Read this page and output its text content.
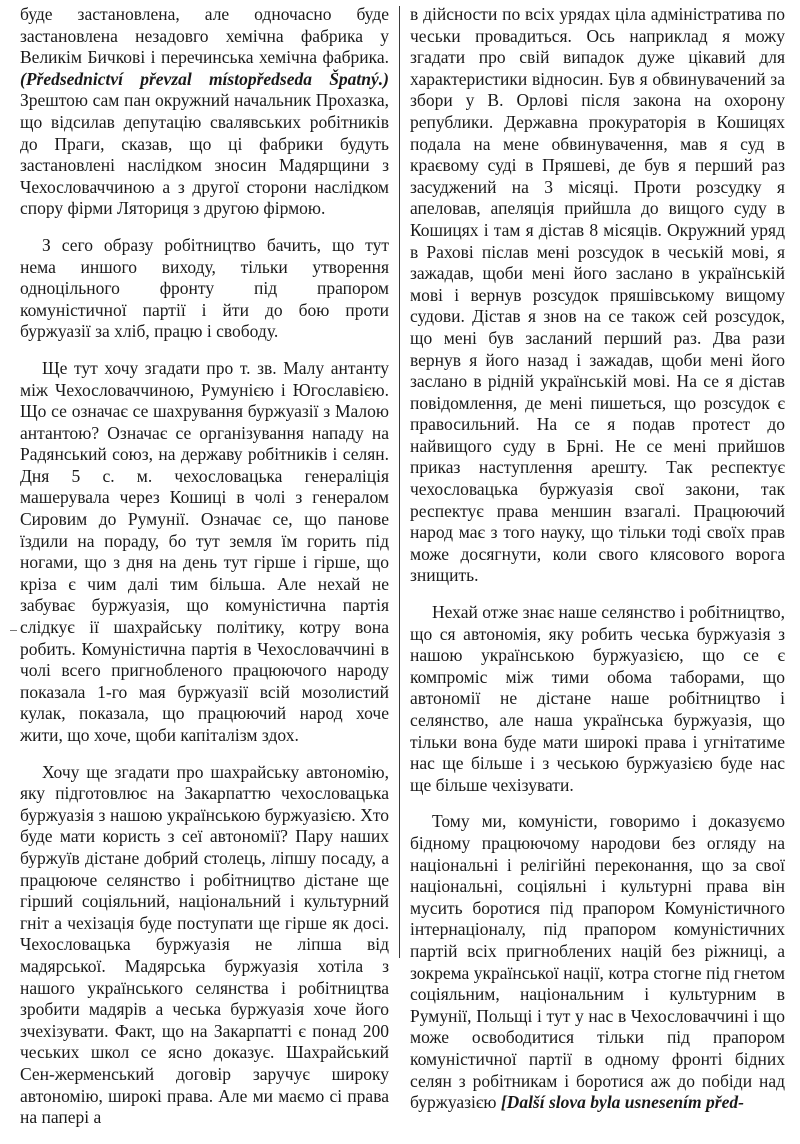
буде застановлена, але одночасно буде застановлена незадовго хемічна фабрика у Великім Бичкові і перечинська хемічна фабрика. (Předsednictví převzal místopředseda Špatný.) Зрештою сам пан окружний начальник Прохазка, що відсилав депутацію свалявських робітників до Праги, сказав, що ці фабрики будуть застановлені наслідком зносин Мадярщини з Чехословаччиною а з другої сторони наслідком спору фірми Ляториця з другою фірмою.

З сего образу робітництво бачить, що тут нема иншого виходу, тільки утворення одноцільного фронту під прапором комуністичної партії і йти до бою проти буржуазії за хліб, працю і свободу.

Ще тут хочу згадати про т. зв. Малу антанту між Чехословаччиною, Румунією і Югославією. Що се означає се шахрування буржуазії з Малою антантою? Означає се організування нападу на Радянський союз, на державу робітників і селян. Дня 5 с. м. чехословацька генераліція машерувала через Кошиці в чолі з генералом Сировим до Румунії. Означає се, що панове їздили на пораду, бо тут земля їм горить під ногами, що з дня на день тут гірше і гірше, що кріза є чим далі тим більша. Але нехай не забуває буржуазія, що комуністична партія слідкує ії шахрайську політику, котру вона робить. Комуністична партія в Чехословаччині в чолі всего пригнобленого працюючого народу показала 1-го мая буржуазії всій мозолистий кулак, показала, що працюючий народ хоче жити, що хоче, щоби капіталізм здох.

Хочу ще згадати про шахрайську автономію, яку підготовлює на Закарпаттю чехословацька буржуазія з нашою українською буржуазією. Хто буде мати користь з сеї автономії? Пару наших буржуїв дістане добрий столець, ліпшу посаду, а працююче селянство і робітництво дістане ще гірший соціяльний, національний і культурний гніт а чехізація буде поступати ще гірше як досі. Чехословацька буржуазія не ліпша від мадярської. Мадярська буржуазія хотіла з нашого українського селянства і робітництва зробити мадярів а чеська буржуазія хоче його зчехізувати. Факт, що на Закарпатті є понад 200 чеських школ се ясно доказує. Шахрайський Сен-жерменський договір заручує широку автономію, широкі права. Але ми маємо сі права на папері а

в дійсности по всіх урядах ціла адміністратива по чеськи провадиться. Ось наприклад я можу згадати про свій випадок дуже цікавий для характеристики відносин. Був я обвинувачений за збори у В. Орлові після закона на охорону републики. Державна прокураторія в Кошицях подала на мене обвинувачення, мав я суд в краєвому суді в Пряшеві, де був я перший раз засуджений на 3 місяці. Проти розсудку я апеловав, апеляція прийшла до вищого суду в Кошицях і там я дістав 8 місяців. Окружний уряд в Рахові післав мені розсудок в чеській мові, я зажадав, щоби мені його заслано в українській мові і вернув розсудок пряшівському вищому судови. Дістав я знов на се також сей розсудок, що мені був засланий перший раз. Два рази вернув я його назад і зажадав, щоби мені його заслано в рідній українській мові. На се я дістав повідомлення, де мені пишеться, що розсудок є правосильний. На се я подав протест до найвищого суду в Брні. Не се мені прийшов приказ наступлення арешту. Так респектує чехословацька буржуазія свої закони, так респектує права меншин взагалі. Працюючий народ має з того науку, що тільки тоді своїх прав може досягнути, коли свого клясового ворога знищить.

Нехай отже знає наше селянство і робітництво, що ся автономія, яку робить чеська буржуазія з нашою українською буржуазією, що се є компроміс між тими обома таборами, що автономії не дістане наше робітництво і селянство, але наша українська буржуазія, що тільки вона буде мати широкі права і угнітатиме нас ще більше і з чеською буржуазією буде нас ще більше чехізувати.

Тому ми, комуністи, говоримо і доказуємо бідному працюючому народови без огляду на національні і релігійні переконання, що за свої національні, соціяльні і культурні права він мусить боротися під прапором Комуністичного інтернаціоналу, під прапором комуністичних партій всіх пригноблених націй без ріжниці, а зокрема української нації, котра стогне під гнетом соціяльним, національним і культурним в Румунії, Польщі і тут у нас в Чехословаччині і що може освободитися тільки під прапором комуністичної партії в одному фронті бідних селян з робітникам і боротися аж до побіди над буржуазією [Další slova byla usnesením před-
